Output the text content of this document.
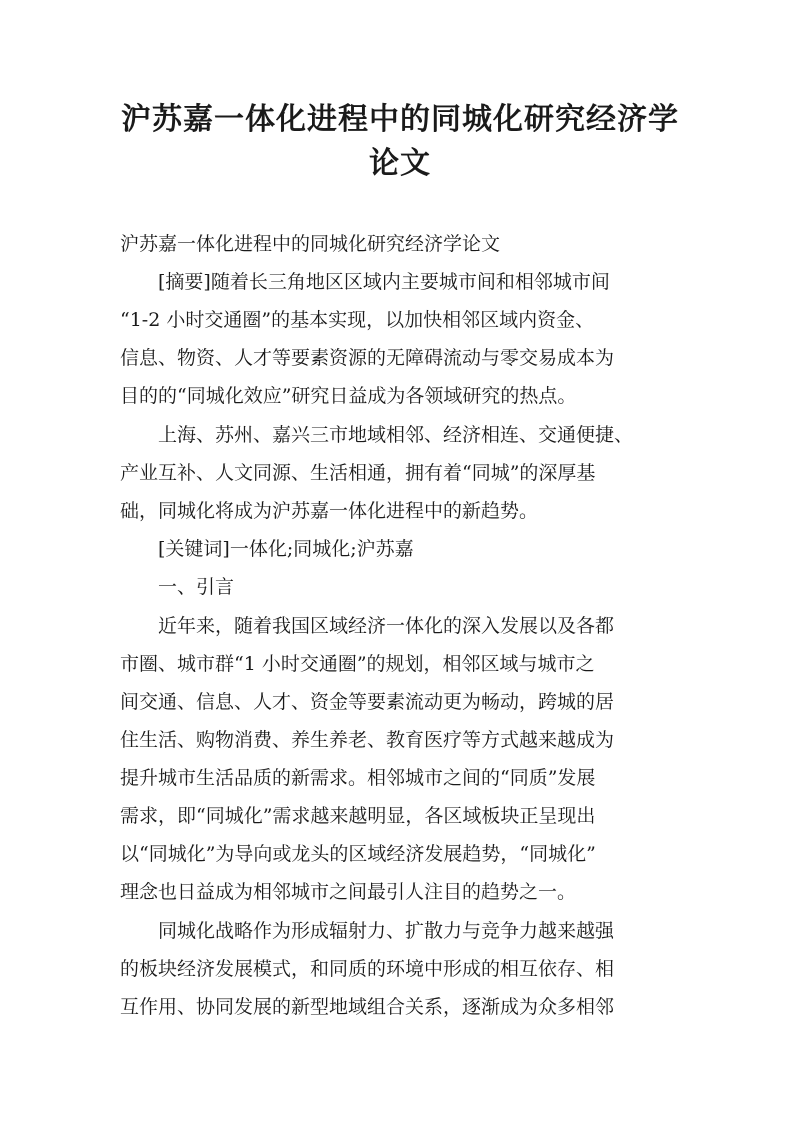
沪苏嘉一体化进程中的同城化研究经济学
论文

沪苏嘉一体化进程中的同城化研究经济学论文

[摘要]随着长三角地区区域内主要城市间和相邻城市间

“1-2 小时交通圈”的基本实现，以加快相邻区域内资金、

信息、物资、人才等要素资源的无障碍流动与零交易成本为

目的的“同城化效应”研究日益成为各领域研究的热点。

上海、苏州、嘉兴三市地域相邻、经济相连、交通便捷、

产业互补、人文同源、生活相通，拥有着“同城”的深厚基

础，同城化将成为沪苏嘉一体化进程中的新趋势。

[关键词]一体化;同城化;沪苏嘉

一、引言

近年来，随着我国区域经济一体化的深入发展以及各都

市圈、城市群“1 小时交通圈”的规划，相邻区域与城市之

间交通、信息、人才、资金等要素流动更为畅动，跨城的居

住生活、购物消费、养生养老、教育医疗等方式越来越成为

提升城市生活品质的新需求。相邻城市之间的“同质”发展

需求，即“同城化”需求越来越明显，各区域板块正呈现出

以“同城化”为导向或龙头的区域经济发展趋势，“同城化”

理念也日益成为相邻城市之间最引人注目的趋势之一。

同城化战略作为形成辐射力、扩散力与竞争力越来越强

的板块经济发展模式，和同质的环境中形成的相互依存、相

互作用、协同发展的新型地域组合关系，逐渐成为众多相邻
